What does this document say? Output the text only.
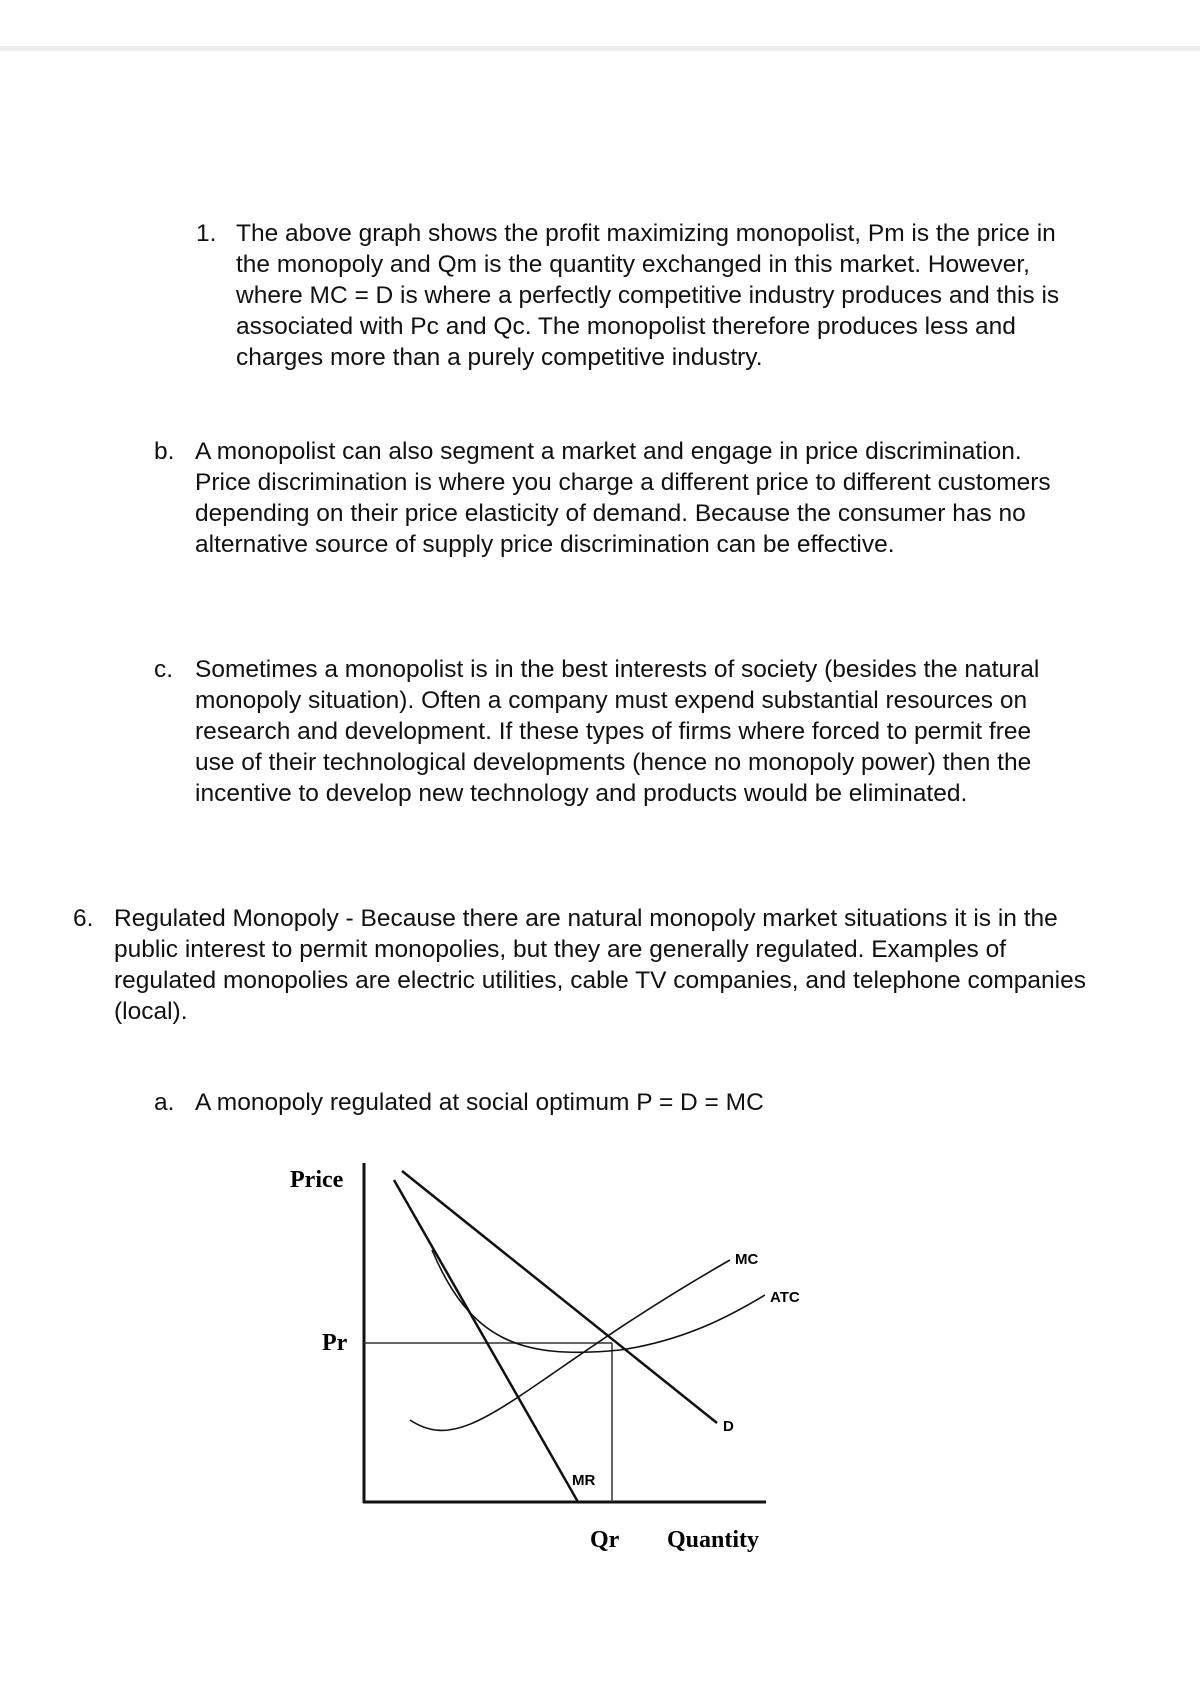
1. The above graph shows the profit maximizing monopolist, Pm is the price in the monopoly and Qm is the quantity exchanged in this market. However, where MC = D is where a perfectly competitive industry produces and this is associated with Pc and Qc. The monopolist therefore produces less and charges more than a purely competitive industry.
b. A monopolist can also segment a market and engage in price discrimination. Price discrimination is where you charge a different price to different customers depending on their price elasticity of demand. Because the consumer has no alternative source of supply price discrimination can be effective.
c. Sometimes a monopolist is in the best interests of society (besides the natural monopoly situation). Often a company must expend substantial resources on research and development. If these types of firms where forced to permit free use of their technological developments (hence no monopoly power) then the incentive to develop new technology and products would be eliminated.
6. Regulated Monopoly - Because there are natural monopoly market situations it is in the public interest to permit monopolies, but they are generally regulated. Examples of regulated monopolies are electric utilities, cable TV companies, and telephone companies (local).
a. A monopoly regulated at social optimum P = D = MC
Price
Pr
Qr Quantity
MC
ATC
D
MR
